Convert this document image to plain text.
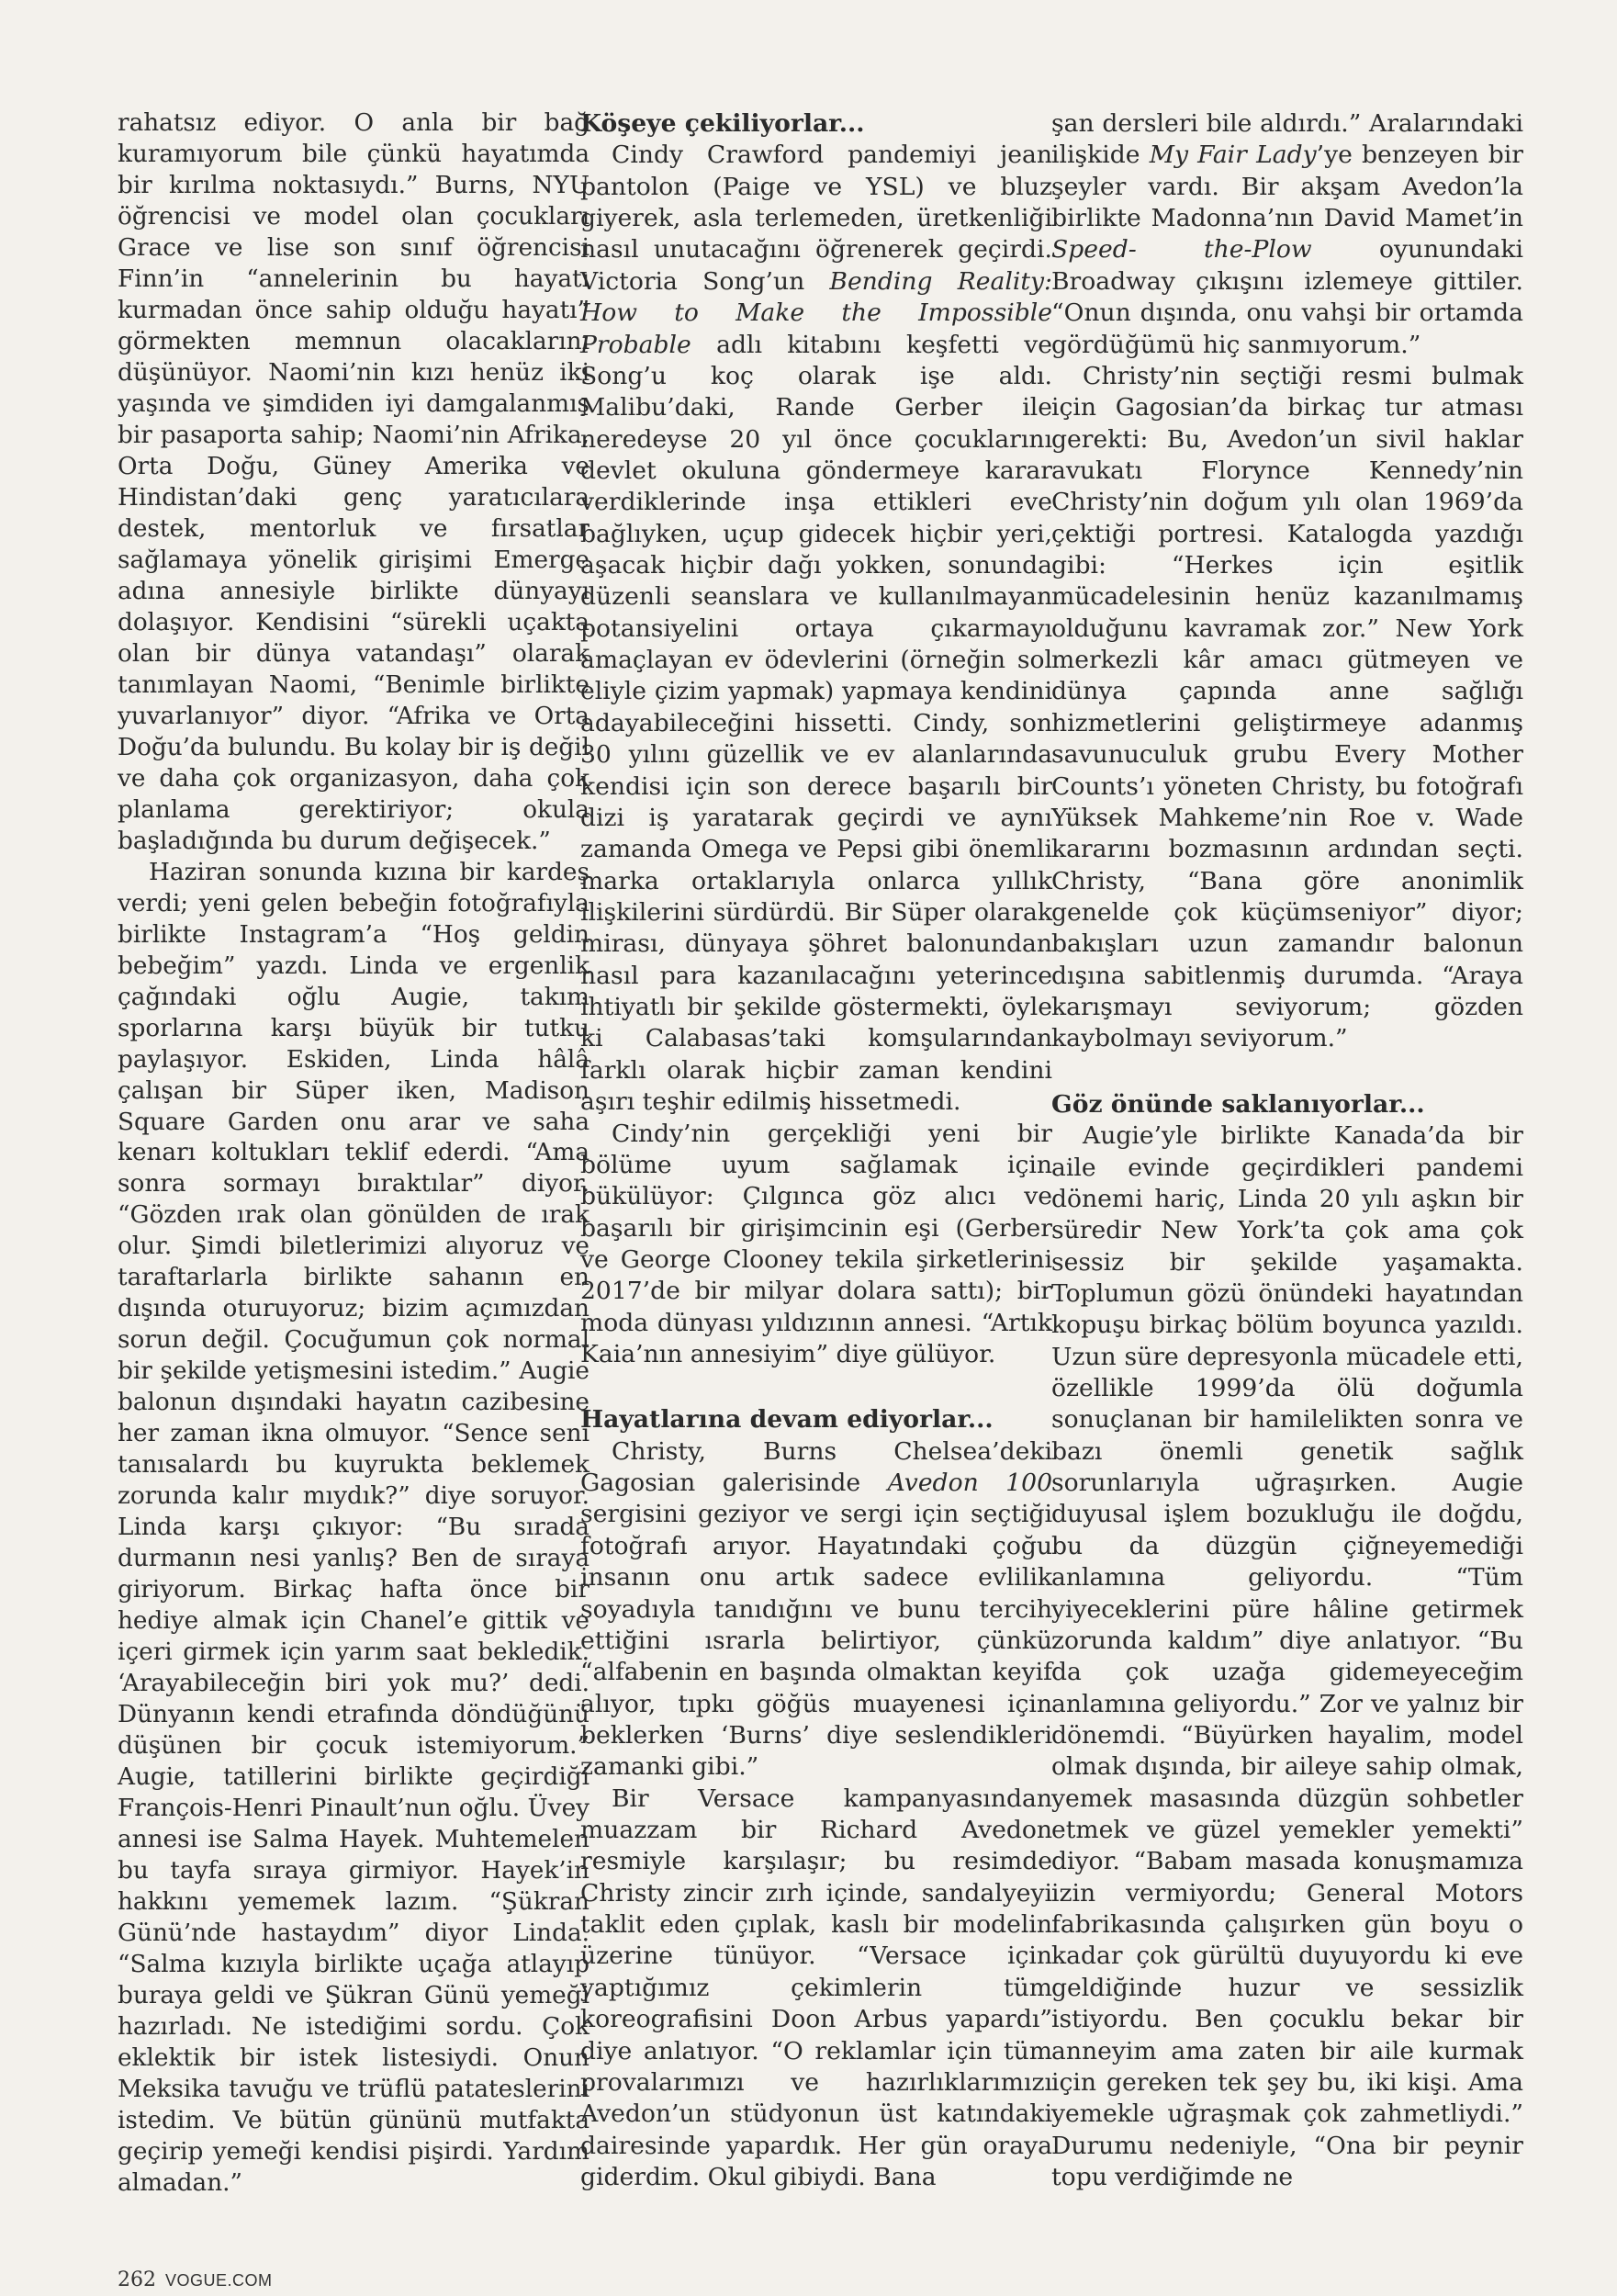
rahatsız ediyor. O anla bir bağ kuramıyorum bile çünkü hayatımda bir kırılma noktasıydı.” Burns, NYU öğrencisi ve model olan çocukları Grace ve lise son sınıf öğrencisi Finn’in “annelerinin bu hayatı kurmadan önce sahip olduğu hayatı” görmekten memnun olacaklarını düşünüyor. Naomi’nin kızı henüz iki yaşında ve şimdiden iyi damgalanmış bir pasaporta sahip; Naomi’nin Afrika, Orta Doğu, Güney Amerika ve Hindistan’daki genç yaratıcılara destek, mentorluk ve fırsatlar sağlamaya yönelik girişimi Emerge adına annesiyle birlikte dünyayı dolaşıyor. Kendisini “sürekli uçakta olan bir dünya vatandaşı” olarak tanımlayan Naomi, “Benimle birlikte yuvarlanıyor” diyor. “Afrika ve Orta Doğu’da bulundu. Bu kolay bir iş değil ve daha çok organizasyon, daha çok planlama gerektiriyor; okula başladığında bu durum değişecek.”

Haziran sonunda kızına bir kardeş verdi; yeni gelen bebeğin fotoğrafıyla birlikte Instagram’a “Hoş geldin bebeğim” yazdı. Linda ve ergenlik çağındaki oğlu Augie, takım sporlarına karşı büyük bir tutku paylaşıyor. Eskiden, Linda hâlâ çalışan bir Süper iken, Madison Square Garden onu arar ve saha kenarı koltukları teklif ederdi. “Ama sonra sormayı bıraktılar” diyor. “Gözden ırak olan gönülden de ırak olur. Şimdi biletlerimizi alıyoruz ve taraftarlarla birlikte sahanın en dışında oturuyoruz; bizim açımızdan sorun değil. Çocuğumun çok normal bir şekilde yetişmesini istedim.” Augie balonun dışındaki hayatın cazibesine her zaman ikna olmuyor. “Sence seni tanısalardı bu kuyrukta beklemek zorunda kalır mıydık?” diye soruyor. Linda karşı çıkıyor: “Bu sırada durmanın nesi yanlış? Ben de sıraya giriyorum. Birkaç hafta önce bir hediye almak için Chanel’e gittik ve içeri girmek için yarım saat bekledik. ‘Arayabileceğin biri yok mu?’ dedi. Dünyanın kendi etrafında döndüğünü düşünen bir çocuk istemiyorum.” Augie, tatillerini birlikte geçirdiği François-Henri Pinault’nun oğlu. Üvey annesi ise Salma Hayek. Muhtemelen bu tayfa sıraya girmiyor. Hayek’in hakkını yememek lazım. “Şükran Günü’nde hastaydım” diyor Linda. “Salma kızıyla birlikte uçağa atlayıp buraya geldi ve Şükran Günü yemeği hazırladı. Ne istediğimi sordu. Çok eklektik bir istek listesiydi. Onun Meksika tavuğu ve trüflü patateslerini istedim. Ve bütün gününü mutfakta geçirip yemeği kendisi pişirdi. Yardım almadan.”

Köşeye çekiliyorlar...

Cindy Crawford pandemiyi jean pantolon (Paige ve YSL) ve bluz giyerek, asla terlemeden, üretkenliği nasıl unutacağını öğrenerek geçirdi. Victoria Song’un Bending Reality: How to Make the Impossible Probable adlı kitabını keşfetti ve Song’u koç olarak işe aldı. Malibu’daki, Rande Gerber ile neredeyse 20 yıl önce çocuklarını devlet okuluna göndermeye karar verdiklerinde inşa ettikleri eve bağlıyken, uçup gidecek hiçbir yeri, aşacak hiçbir dağı yokken, sonunda düzenli seanslara ve kullanılmayan potansiyelini ortaya çıkarmayı amaçlayan ev ödevlerini (örneğin sol eliyle çizim yapmak) yapmaya kendini adayabileceğini hissetti. Cindy, son 30 yılını güzellik ve ev alanlarında kendisi için son derece başarılı bir dizi iş yaratarak geçirdi ve aynı zamanda Omega ve Pepsi gibi önemli marka ortaklarıyla onlarca yıllık ilişkilerini sürdürdü. Bir Süper olarak mirası, dünyaya şöhret balonundan nasıl para kazanılacağını yeterince ihtiyatlı bir şekilde göstermekti, öyle ki Calabasas’taki komşularından farklı olarak hiçbir zaman kendini aşırı teşhir edilmiş hissetmedi.

Cindy’nin gerçekliği yeni bir bölüme uyum sağlamak için bükülüyor: Çılgınca göz alıcı ve başarılı bir girişimcinin eşi (Gerber ve George Clooney tekila şirketlerini 2017’de bir milyar dolara sattı); bir moda dünyası yıldızının annesi. “Artık Kaia’nın annesiyim” diye gülüyor.

Hayatlarına devam ediyorlar...

Christy, Burns Chelsea’deki Gagosian galerisinde Avedon 100 sergisini geziyor ve sergi için seçtiği fotoğrafı arıyor. Hayatındaki çoğu insanın onu artık sadece evlilik soyadıyla tanıdığını ve bunu tercih ettiğini ısrarla belirtiyor, çünkü “alfabenin en başında olmaktan keyif alıyor, tıpkı göğüs muayenesi için beklerken ‘Burns’ diye seslendikleri zamanki gibi.”

Bir Versace kampanyasından muazzam bir Richard Avedon resmiyle karşılaşır; bu resimde Christy zincir zırh içinde, sandalyeyi taklit eden çıplak, kaslı bir modelin üzerine tünüyor. “Versace için yaptığımız çekimlerin tüm koreografisini Doon Arbus yapardı” diye anlatıyor. “O reklamlar için tüm provalarımızı ve hazırlıklarımızı Avedon’un stüdyonun üst katındaki dairesinde yapardık. Her gün oraya giderdim. Okul gibiydi. Bana

şan dersleri bile aldırdı.” Aralarındaki ilişkide My Fair Lady’ye benzeyen bir şeyler vardı. Bir akşam Avedon’la birlikte Madonna’nın David Mamet’in Speed- the-Plow oyunundaki Broadway çıkışını izlemeye gittiler. “Onun dışında, onu vahşi bir ortamda gördüğümü hiç sanmıyorum.”

Christy’nin seçtiği resmi bulmak için Gagosian’da birkaç tur atması gerekti: Bu, Avedon’un sivil haklar avukatı Florynce Kennedy’nin Christy’nin doğum yılı olan 1969’da çektiği portresi. Katalogda yazdığı gibi: “Herkes için eşitlik mücadelesinin henüz kazanılmamış olduğunu kavramak zor.” New York merkezli kâr amacı gütmeyen ve dünya çapında anne sağlığı hizmetlerini geliştirmeye adanmış savunuculuk grubu Every Mother Counts’ı yöneten Christy, bu fotoğrafı Yüksek Mahkeme’nin Roe v. Wade kararını bozmasının ardından seçti. Christy, “Bana göre anonimlik genelde çok küçümseniyor” diyor; bakışları uzun zamandır balonun dışına sabitlenmiş durumda. “Araya karışmayı seviyorum; gözden kaybolmayı seviyorum.”

Göz önünde saklanıyorlar...

Augie’yle birlikte Kanada’da bir aile evinde geçirdikleri pandemi dönemi hariç, Linda 20 yılı aşkın bir süredir New York’ta çok ama çok sessiz bir şekilde yaşamakta. Toplumun gözü önündeki hayatından kopuşu birkaç bölüm boyunca yazıldı. Uzun süre depresyonla mücadele etti, özellikle 1999’da ölü doğumla sonuçlanan bir hamilelikten sonra ve bazı önemli genetik sağlık sorunlarıyla uğraşırken. Augie duyusal işlem bozukluğu ile doğdu, bu da düzgün çiğneyemediği anlamına geliyordu. “Tüm yiyeceklerini püre hâline getirmek zorunda kaldım” diye anlatıyor. “Bu da çok uzağa gidemeyeceğim anlamına geliyordu.” Zor ve yalnız bir dönemdi. “Büyürken hayalim, model olmak dışında, bir aileye sahip olmak, yemek masasında düzgün sohbetler etmek ve güzel yemekler yemekti” diyor. “Babam masada konuşmamıza izin vermiyordu; General Motors fabrikasında çalışırken gün boyu o kadar çok gürültü duyuyordu ki eve geldiğinde huzur ve sessizlik istiyordu. Ben çocuklu bekar bir anneyim ama zaten bir aile kurmak için gereken tek şey bu, iki kişi. Ama yemekle uğraşmak çok zahmetliydi.” Durumu nedeniyle, “Ona bir peynir topu verdiğimde ne

262 VOGUE.COM
